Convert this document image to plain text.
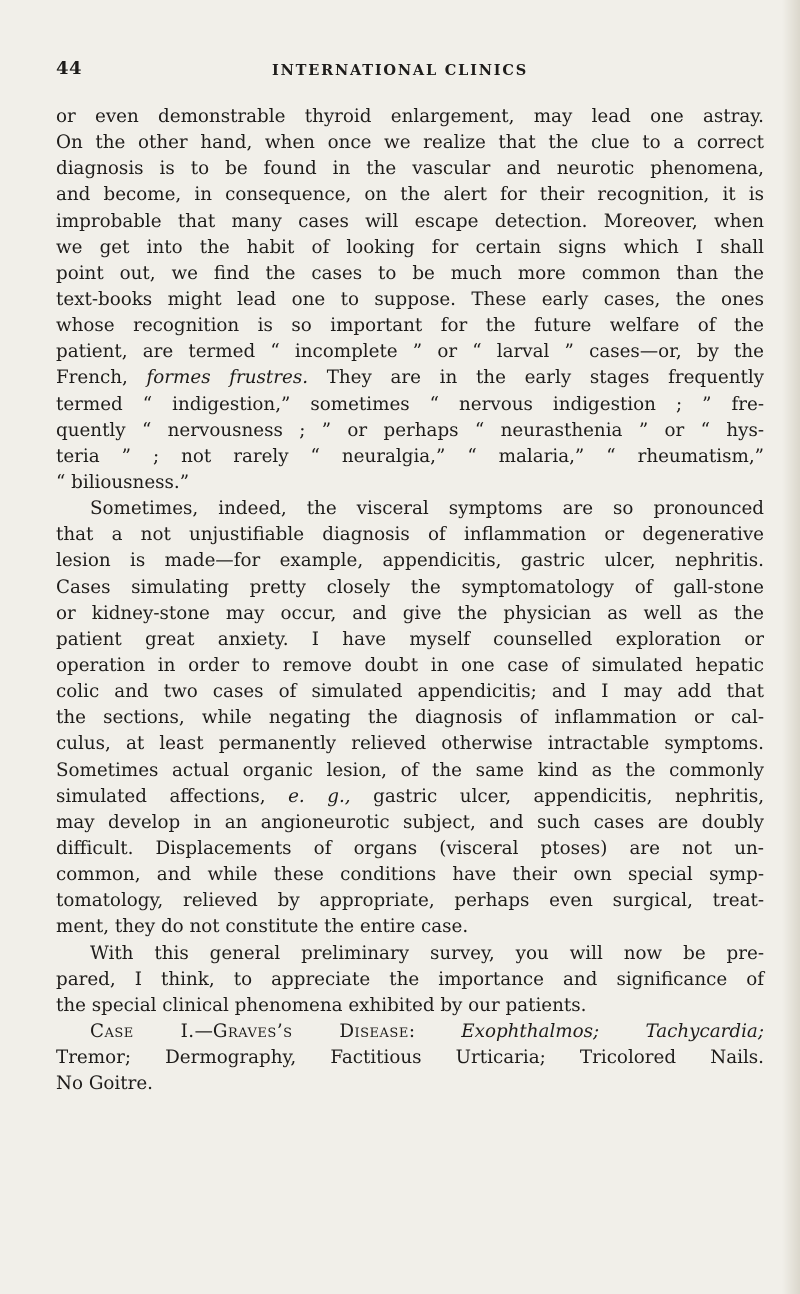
44	INTERNATIONAL CLINICS
or even demonstrable thyroid enlargement, may lead one astray.
On the other hand, when once we realize that the clue to a correct
diagnosis is to be found in the vascular and neurotic phenomena,
and become, in consequence, on the alert for their recognition, it is
improbable that many cases will escape detection. Moreover, when
we get into the habit of looking for certain signs which I shall
point out, we find the cases to be much more common than the
text-books might lead one to suppose. These early cases, the ones
whose recognition is so important for the future welfare of the
patient, are termed “ incomplete ” or “ larval ” cases—or, by the
French, formes frustres. They are in the early stages frequently
termed “ indigestion,” sometimes “ nervous indigestion ; ” fre-
quently “ nervousness ; ” or perhaps “ neurasthenia ” or “ hys-
teria ” ; not rarely “ neuralgia,” “ malaria,” “ rheumatism,”
“ biliousness.”
Sometimes, indeed, the visceral symptoms are so pronounced
that a not unjustifiable diagnosis of inflammation or degenerative
lesion is made—for example, appendicitis, gastric ulcer, nephritis.
Cases simulating pretty closely the symptomatology of gall-stone
or kidney-stone may occur, and give the physician as well as the
patient great anxiety. I have myself counselled exploration or
operation in order to remove doubt in one case of simulated hepatic
colic and two cases of simulated appendicitis; and I may add that
the sections, while negating the diagnosis of inflammation or cal-
culus, at least permanently relieved otherwise intractable symptoms.
Sometimes actual organic lesion, of the same kind as the commonly
simulated affections, e. g., gastric ulcer, appendicitis, nephritis,
may develop in an angioneurotic subject, and such cases are doubly
difficult. Displacements of organs (visceral ptoses) are not un-
common, and while these conditions have their own special symp-
tomatology, relieved by appropriate, perhaps even surgical, treat-
ment, they do not constitute the entire case.
With this general preliminary survey, you will now be pre-
pared, I think, to appreciate the importance and significance of
the special clinical phenomena exhibited by our patients.
Case I.—Graves’s Disease: Exophthalmos; Tachycardia;
Tremor; Dermography, Factitious Urticaria; Tricolored Nails.
No Goitre.
